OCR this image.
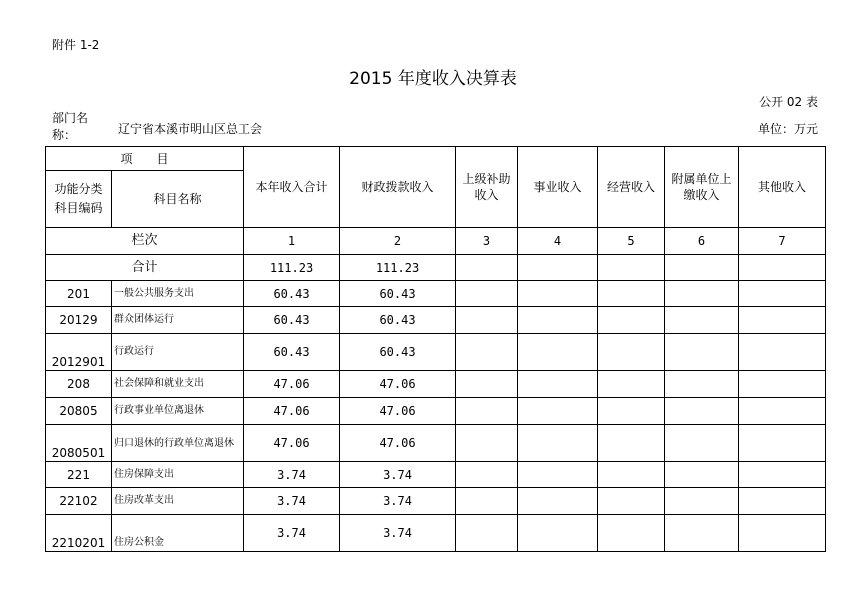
附件 1-2
2015 年度收入决算表
公开 02 表
部门名称：	辽宁省本溪市明山区总工会	单位：万元
项　　目		本年收入合计	财政拨款收入	上级补助收入	事业收入	经营收入	附属单位上缴收入	其他收入

功能分类科目编码	科目名称							
栏次		1	2	3	4	5	6	7
合计		111.23	111.23					
201	一般公共服务支出	60.43	60.43					
20129	群众团体运行	60.43	60.43					
2012901	行政运行	60.43	60.43					
208	社会保障和就业支出	47.06	47.06					
20805	行政事业单位离退休	47.06	47.06					
2080501	归口退休的行政单位离退休	47.06	47.06					
221	住房保障支出	3.74	3.74					
22102	住房改革支出	3.74	3.74					
2210201	住房公积金	3.74	3.74					
